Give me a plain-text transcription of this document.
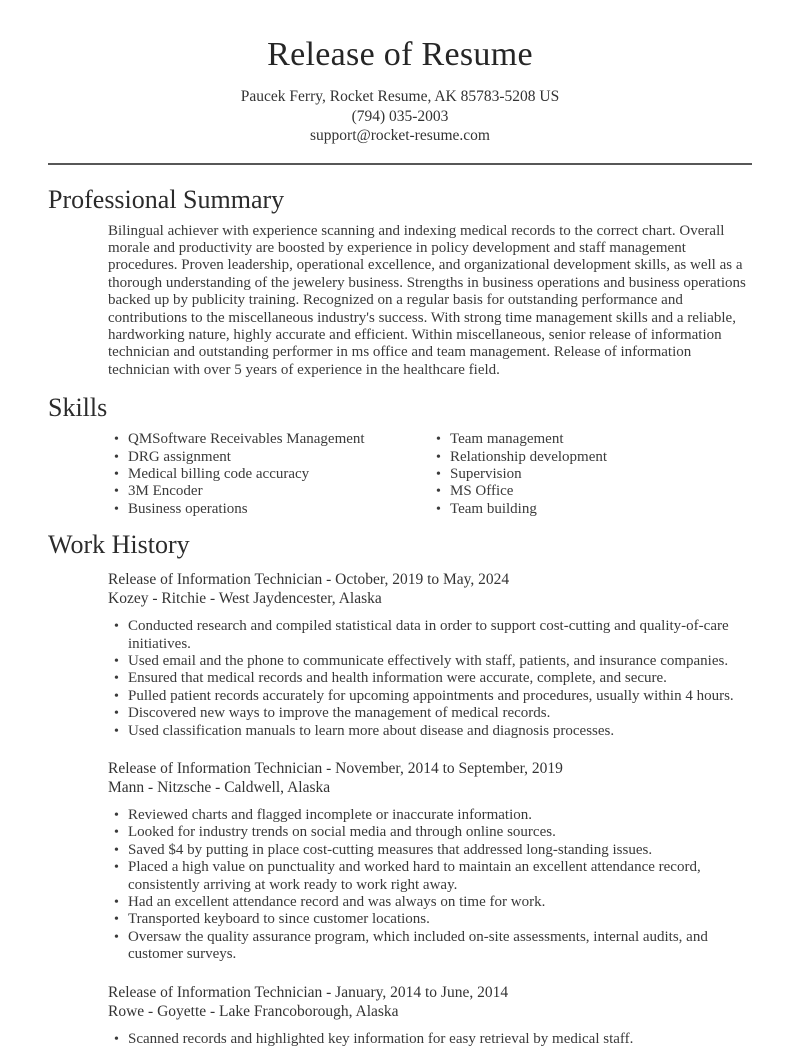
Release of Resume
Paucek Ferry, Rocket Resume, AK 85783-5208 US
(794) 035-2003
support@rocket-resume.com
Professional Summary

Bilingual achiever with experience scanning and indexing medical records to the correct chart. Overall morale and productivity are boosted by experience in policy development and staff management procedures. Proven leadership, operational excellence, and organizational development skills, as well as a thorough understanding of the jewelery business. Strengths in business operations and business operations backed up by publicity training. Recognized on a regular basis for outstanding performance and contributions to the miscellaneous industry's success. With strong time management skills and a reliable, hardworking nature, highly accurate and efficient. Within miscellaneous, senior release of information technician and outstanding performer in ms office and team management. Release of information technician with over 5 years of experience in the healthcare field.

Skills
• QMSoftware Receivables Management
• DRG assignment
• Medical billing code accuracy
• 3M Encoder
• Business operations
• Team management
• Relationship development
• Supervision
• MS Office
• Team building
Work History
Release of Information Technician - October, 2019 to May, 2024
Kozey - Ritchie - West Jaydencester, Alaska
• Conducted research and compiled statistical data in order to support cost-cutting and quality-of-care initiatives.
• Used email and the phone to communicate effectively with staff, patients, and insurance companies.
• Ensured that medical records and health information were accurate, complete, and secure.
• Pulled patient records accurately for upcoming appointments and procedures, usually within 4 hours.
• Discovered new ways to improve the management of medical records.
• Used classification manuals to learn more about disease and diagnosis processes.
Release of Information Technician - November, 2014 to September, 2019
Mann - Nitzsche - Caldwell, Alaska
• Reviewed charts and flagged incomplete or inaccurate information.
• Looked for industry trends on social media and through online sources.
• Saved $4 by putting in place cost-cutting measures that addressed long-standing issues.
• Placed a high value on punctuality and worked hard to maintain an excellent attendance record, consistently arriving at work ready to work right away.
• Had an excellent attendance record and was always on time for work.
• Transported keyboard to since customer locations.
• Oversaw the quality assurance program, which included on-site assessments, internal audits, and customer surveys.
Release of Information Technician - January, 2014 to June, 2014
Rowe - Goyette - Lake Francoborough, Alaska
• Scanned records and highlighted key information for easy retrieval by medical staff.
